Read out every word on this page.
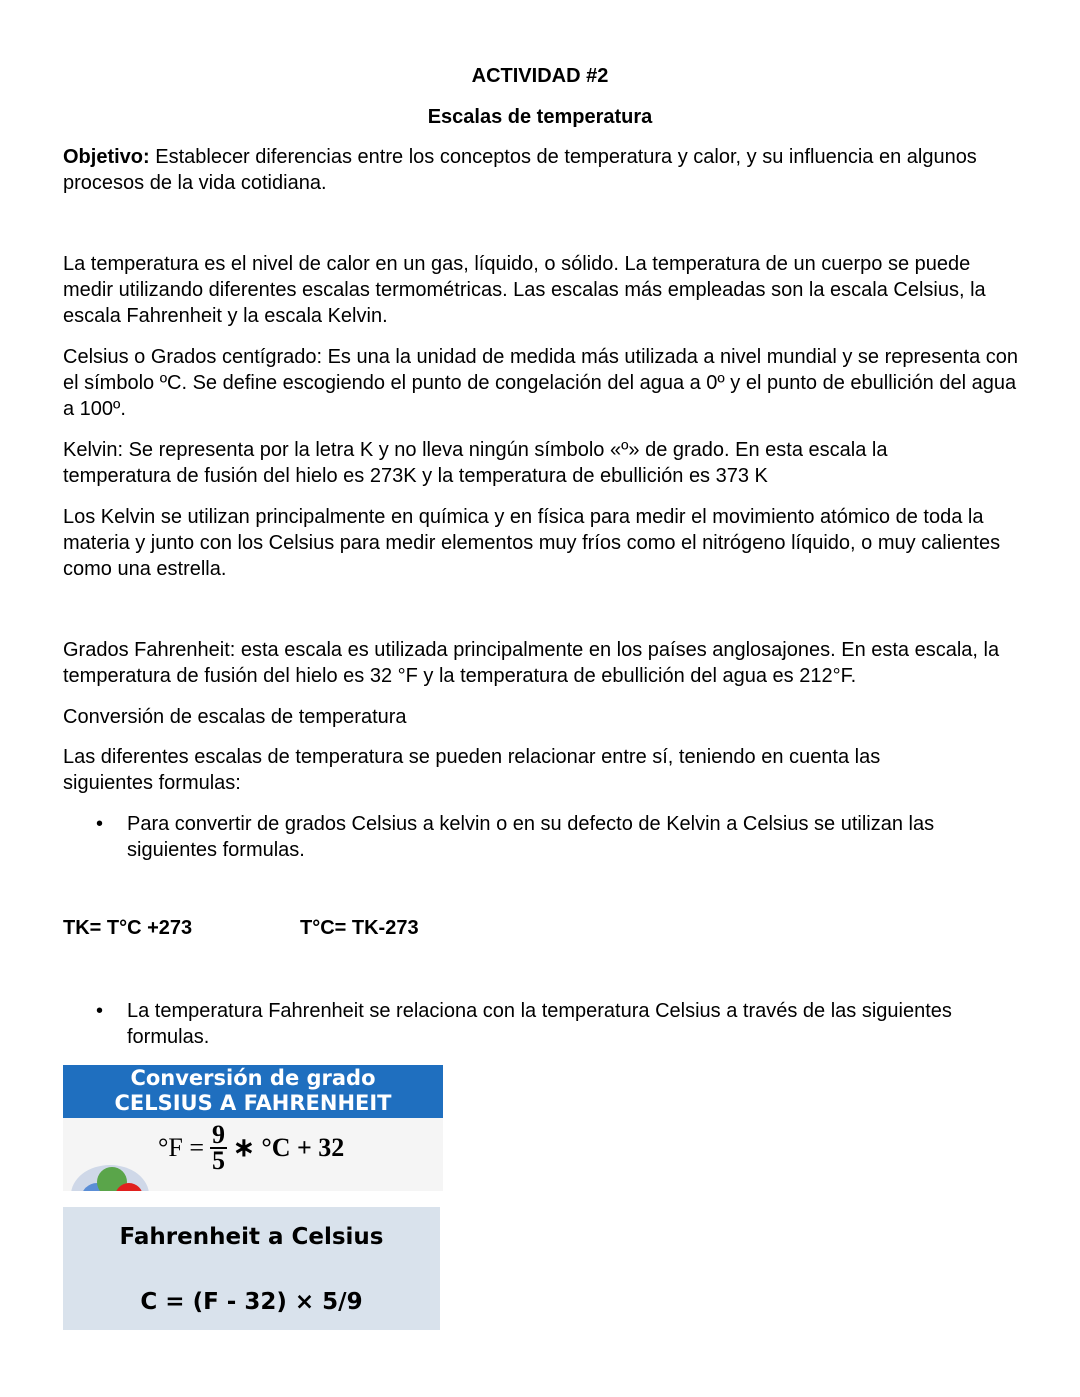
ACTIVIDAD #2
Escalas de temperatura
Objetivo: Establecer diferencias entre los conceptos de temperatura y calor, y su influencia en algunos procesos de la vida cotidiana.
La temperatura es el nivel de calor en un gas, líquido, o sólido. La temperatura de un cuerpo se puede medir utilizando diferentes escalas termométricas. Las escalas más empleadas son la escala Celsius, la escala Fahrenheit y la escala Kelvin.
Celsius o Grados centígrado: Es una la unidad de medida más utilizada a nivel mundial y se representa con el símbolo ºC. Se define escogiendo el punto de congelación del agua a 0º y el punto de ebullición del agua a 100º.
Kelvin: Se representa por la letra K y no lleva ningún símbolo «º» de grado. En esta escala la temperatura de fusión del hielo es 273K y la temperatura de ebullición es 373 K
Los Kelvin se utilizan principalmente en química y en física para medir el movimiento atómico de toda la materia y junto con los Celsius para medir elementos muy fríos como el nitrógeno líquido, o muy calientes como una estrella.
Grados Fahrenheit: esta escala es utilizada principalmente en los países anglosajones. En esta escala, la temperatura de fusión del hielo es 32 °F y la temperatura de ebullición del agua es 212°F.
Conversión de escalas de temperatura
Las diferentes escalas de temperatura se pueden relacionar entre sí, teniendo en cuenta las siguientes formulas:
• Para convertir de grados Celsius a kelvin o en su defecto de Kelvin a Celsius se utilizan las siguientes formulas.
TK= T°C +273	T°C= TK-273
• La temperatura Fahrenheit se relaciona con la temperatura Celsius a través de las siguientes formulas.
Conversión de grado
CELSIUS A FAHRENHEIT
$^\circ F = \frac{9}{5}$ ∗ °C + 32
Fahrenheit a Celsius
C = (F - 32) × 5/9
